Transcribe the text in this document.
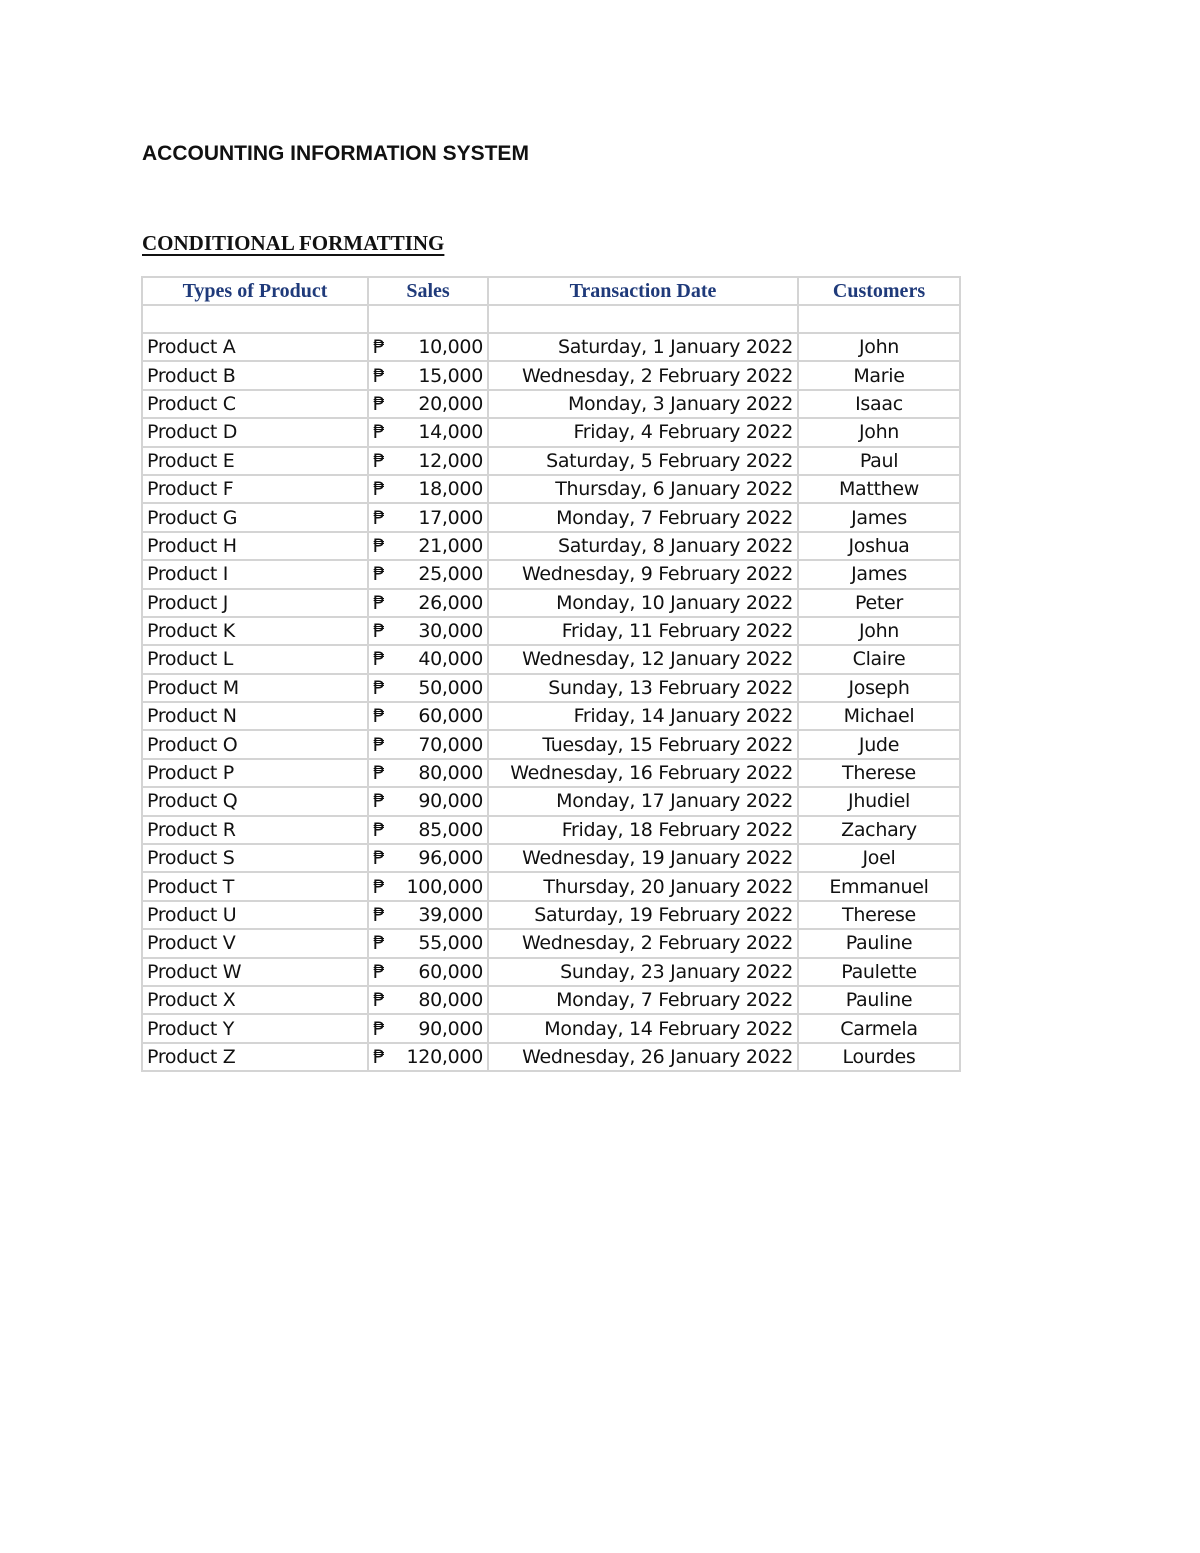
ACCOUNTING INFORMATION SYSTEM
CONDITIONAL FORMATTING
Types of Product	Sales	Transaction Date	Customers

Product A	₱ 10,000	Saturday, 1 January 2022	John
Product B	₱ 15,000	Wednesday, 2 February 2022	Marie
Product C	₱ 20,000	Monday, 3 January 2022	Isaac
Product D	₱ 14,000	Friday, 4 February 2022	John
Product E	₱ 12,000	Saturday, 5 February 2022	Paul
Product F	₱ 18,000	Thursday, 6 January 2022	Matthew
Product G	₱ 17,000	Monday, 7 February 2022	James
Product H	₱ 21,000	Saturday, 8 January 2022	Joshua
Product I	₱ 25,000	Wednesday, 9 February 2022	James
Product J	₱ 26,000	Monday, 10 January 2022	Peter
Product K	₱ 30,000	Friday, 11 February 2022	John
Product L	₱ 40,000	Wednesday, 12 January 2022	Claire
Product M	₱ 50,000	Sunday, 13 February 2022	Joseph
Product N	₱ 60,000	Friday, 14 January 2022	Michael
Product O	₱ 70,000	Tuesday, 15 February 2022	Jude
Product P	₱ 80,000	Wednesday, 16 February 2022	Therese
Product Q	₱ 90,000	Monday, 17 January 2022	Jhudiel
Product R	₱ 85,000	Friday, 18 February 2022	Zachary
Product S	₱ 96,000	Wednesday, 19 January 2022	Joel
Product T	₱ 100,000	Thursday, 20 January 2022	Emmanuel
Product U	₱ 39,000	Saturday, 19 February 2022	Therese
Product V	₱ 55,000	Wednesday, 2 February 2022	Pauline
Product W	₱ 60,000	Sunday, 23 January 2022	Paulette
Product X	₱ 80,000	Monday, 7 February 2022	Pauline
Product Y	₱ 90,000	Monday, 14 February 2022	Carmela
Product Z	₱ 120,000	Wednesday, 26 January 2022	Lourdes
